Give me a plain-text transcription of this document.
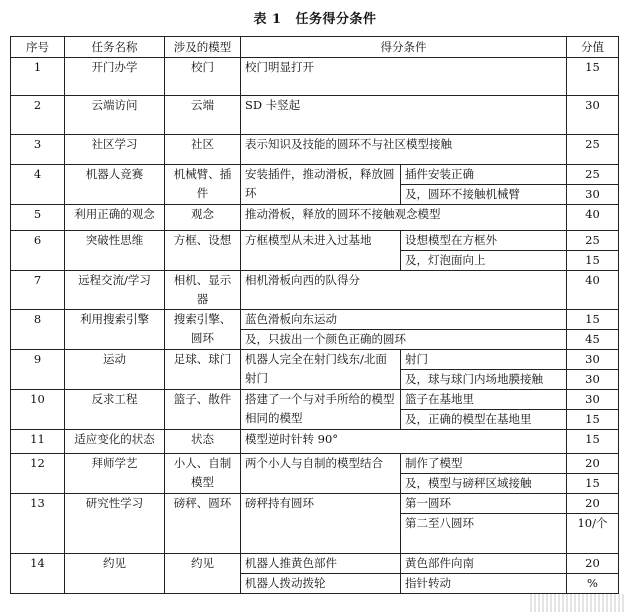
表 1 任务得分条件
序号	任务名称	涉及的模型	得分条件		分值
1	开门办学	校门	校门明显打开		15
2	云端访问	云端	SD 卡竖起		30
3	社区学习	社区	表示知识及技能的圆环不与社区模型接触		25
4	机器人竞赛	机械臂、插件	安装插件，推动滑板，释放圆环	插件安装正确	25
				及，圆环不接触机械臂	30
5	利用正确的观念	观念	推动滑板，释放的圆环不接触观念模型		40
6	突破性思维	方框、设想	方框模型从未进入过基地	设想模型在方框外	25
				及，灯泡面向上	15
7	远程交流/学习	相机、显示器	相机滑板向西的队得分		40
8	利用搜索引擎	搜索引擎、圆环	蓝色滑板向东运动		15
			及，只拔出一个颜色正确的圆环		45
9	运动	足球、球门	机器人完全在射门线东/北面射门	射门	30
				及，球与球门内场地膜接触	30
10	反求工程	篮子、散件	搭建了一个与对手所给的模型相同的模型	篮子在基地里	30
				及，正确的模型在基地里	15
11	适应变化的状态	状态	模型逆时针转 90°		15
12	拜师学艺	小人、自制模型	两个小人与自制的模型结合	制作了模型	20
				及，模型与磅秤区域接触	15
13	研究性学习	磅秤、圆环	磅秤持有圆环	第一圆环	20
				第二至八圆环	10/个
14	约见	约见	机器人推黄色部件	黄色部件向南	20
			机器人拨动拨轮	指针转动	%
